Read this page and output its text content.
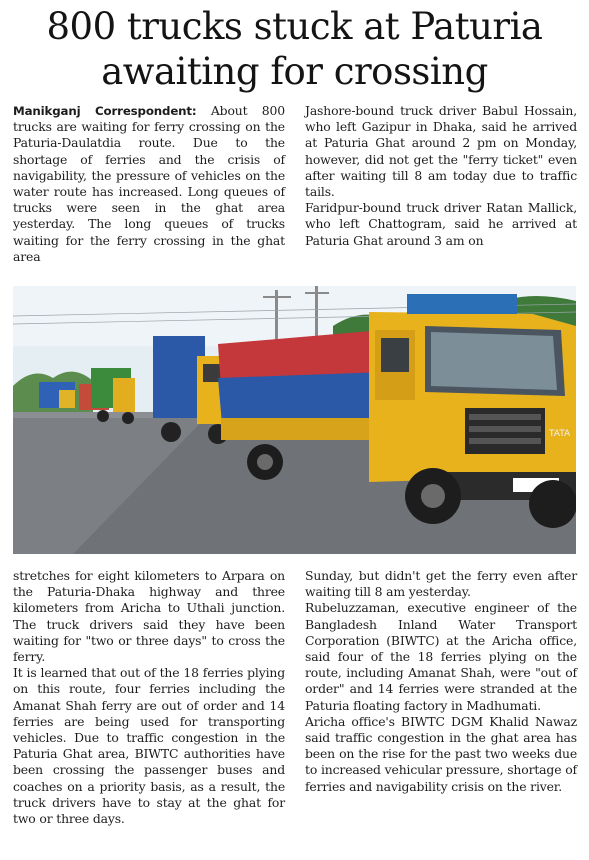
800 trucks stuck at Paturia
awaiting for crossing

Manikganj Correspondent: About 800 trucks are waiting for ferry crossing on the Paturia-Daulatdia route. Due to the shortage of ferries and the crisis of navigability, the pressure of vehicles on the water route has increased. Long queues of trucks were seen in the ghat area yesterday. The long queues of trucks waiting for the ferry crossing in the ghat area

Jashore-bound truck driver Babul Hossain, who left Gazipur in Dhaka, said he arrived at Paturia Ghat around 2 pm on Monday, however, did not get the "ferry ticket" even after waiting till 8 am today due to traffic tails.

Faridpur-bound truck driver Ratan Mallick, who left Chattogram, said he arrived at Paturia Ghat around 3 am on

TATA

stretches for eight kilometers to Arpara on the Paturia-Dhaka highway and three kilometers from Aricha to Uthali junction. The truck drivers said they have been waiting for "two or three days" to cross the ferry.

It is learned that out of the 18 ferries plying on this route, four ferries including the Amanat Shah ferry are out of order and 14 ferries are being used for transporting vehicles. Due to traffic congestion in the Paturia Ghat area, BIWTC authorities have been crossing the passenger buses and coaches on a priority basis, as a result, the truck drivers have to stay at the ghat for two or three days.

Sunday, but didn't get the ferry even after waiting till 8 am yesterday.

Rubeluzzaman, executive engineer of the Bangladesh Inland Water Transport Corporation (BIWTC) at the Aricha office, said four of the 18 ferries plying on the route, including Amanat Shah, were "out of order" and 14 ferries were stranded at the Paturia floating factory in Madhumati.

Aricha office's BIWTC DGM Khalid Nawaz said traffic congestion in the ghat area has been on the rise for the past two weeks due to increased vehicular pressure, shortage of ferries and navigability crisis on the river.
